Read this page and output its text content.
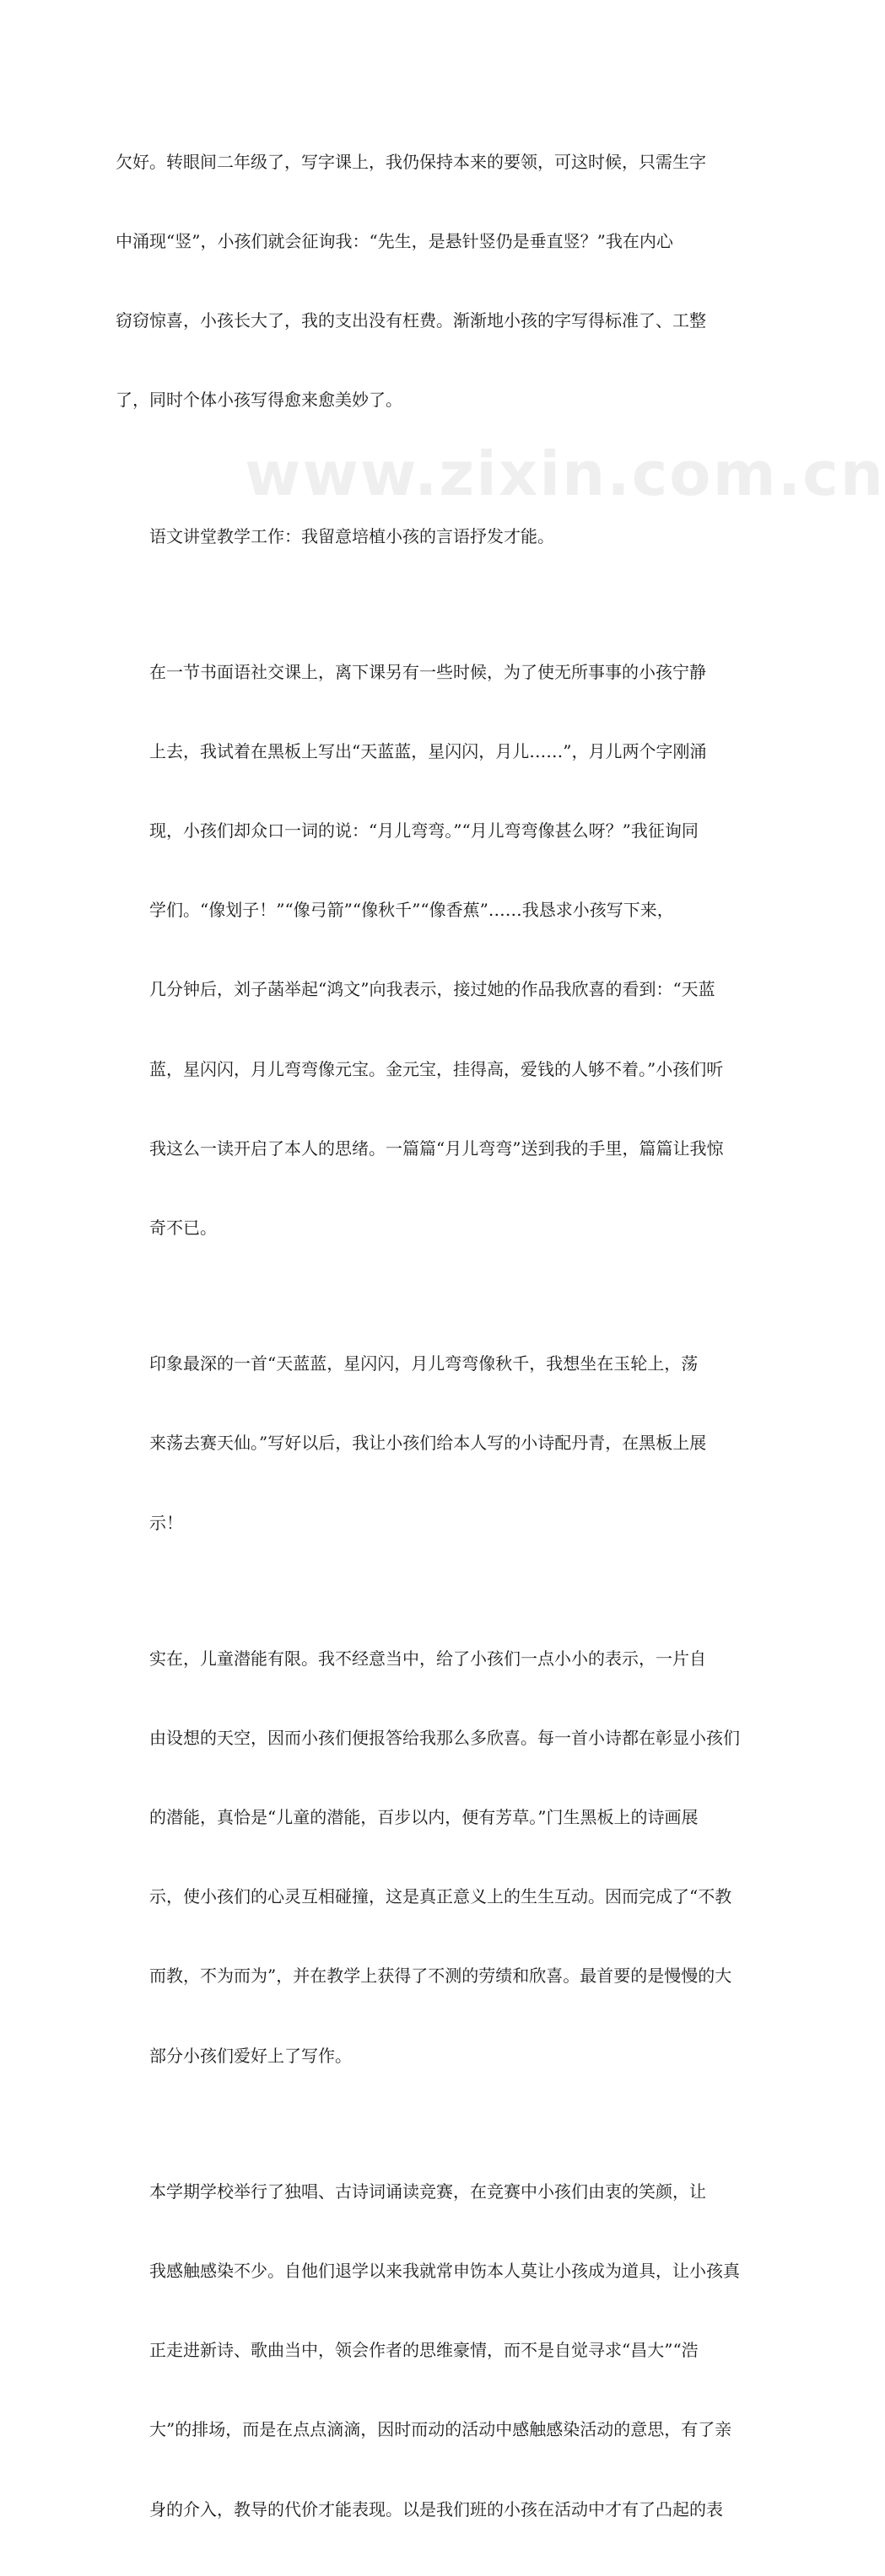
www.zixin.com.cn

欠好。转眼间二年级了，写字课上，我仍保持本来的要领，可这时候，只需生字

中涌现“竖”，小孩们就会征询我：“先生，是悬针竖仍是垂直竖？”我在内心

窃窃惊喜，小孩长大了，我的支出没有枉费。渐渐地小孩的字写得标准了、工整

了，同时个体小孩写得愈来愈美妙了。

语文讲堂教学工作：我留意培植小孩的言语抒发才能。

在一节书面语社交课上，离下课另有一些时候，为了使无所事事的小孩宁静

上去，我试着在黑板上写出“天蓝蓝，星闪闪，月儿……”，月儿两个字刚涌

现，小孩们却众口一词的说：“月儿弯弯。”“月儿弯弯像甚么呀？”我征询同

学们。“像划子！”“像弓箭”“像秋千”“像香蕉”……我恳求小孩写下来，

几分钟后，刘子菡举起“鸿文”向我表示，接过她的作品我欣喜的看到：“天蓝

蓝，星闪闪，月儿弯弯像元宝。金元宝，挂得高，爱钱的人够不着。”小孩们听

我这么一读开启了本人的思绪。一篇篇“月儿弯弯”送到我的手里，篇篇让我惊

奇不已。

印象最深的一首“天蓝蓝，星闪闪，月儿弯弯像秋千，我想坐在玉轮上，荡

来荡去赛天仙。”写好以后，我让小孩们给本人写的小诗配丹青，在黑板上展

示！

实在，儿童潜能有限。我不经意当中，给了小孩们一点小小的表示，一片自

由设想的天空，因而小孩们便报答给我那么多欣喜。每一首小诗都在彰显小孩们

的潜能，真恰是“儿童的潜能，百步以内，便有芳草。”门生黑板上的诗画展

示，使小孩们的心灵互相碰撞，这是真正意义上的生生互动。因而完成了“不教

而教，不为而为”，并在教学上获得了不测的劳绩和欣喜。最首要的是慢慢的大

部分小孩们爱好上了写作。

本学期学校举行了独唱、古诗词诵读竞赛，在竞赛中小孩们由衷的笑颜，让

我感触感染不少。自他们退学以来我就常申饬本人莫让小孩成为道具，让小孩真

正走进新诗、歌曲当中，领会作者的思维豪情，而不是自觉寻求“昌大”“浩

大”的排场，而是在点点滴滴，因时而动的活动中感触感染活动的意思，有了亲

身的介入，教导的代价才能表现。以是我们班的小孩在活动中才有了凸起的表
